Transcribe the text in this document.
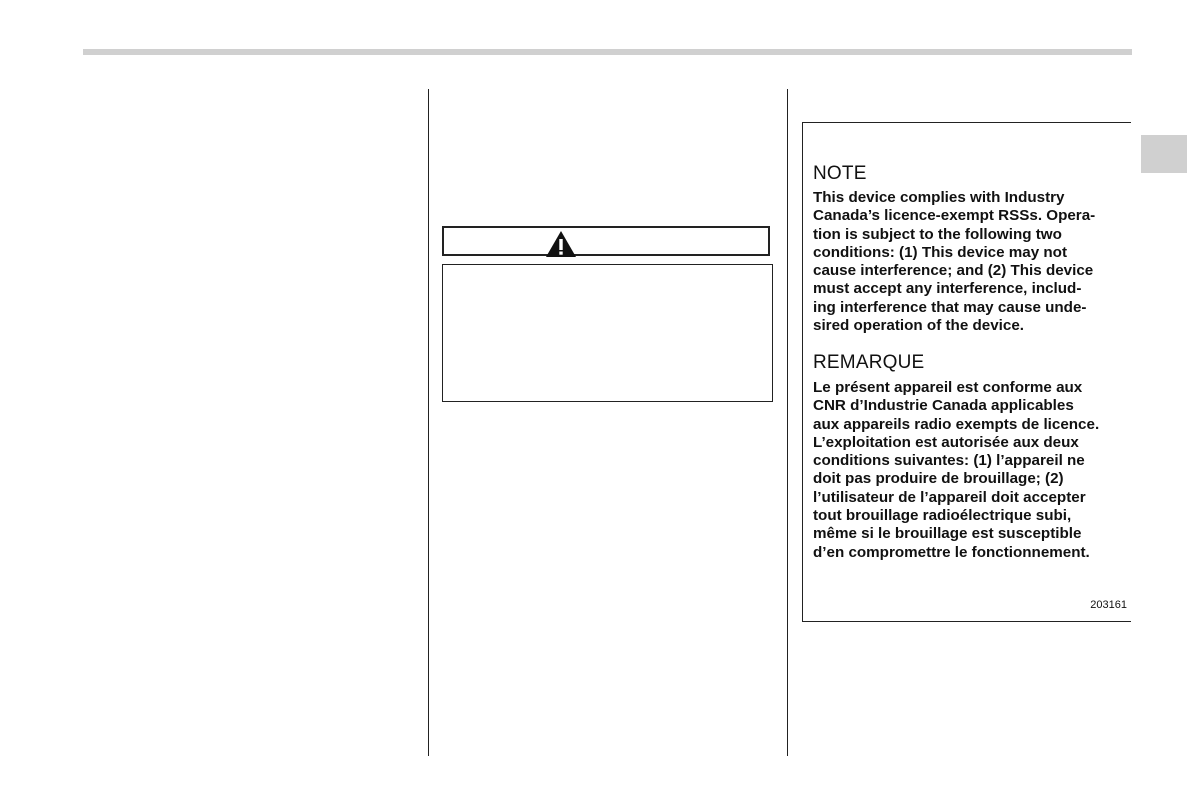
NOTE
This device complies with Industry
Canada’s licence-exempt RSSs. Opera-
tion is subject to the following two
conditions: (1) This device may not
cause interference; and (2) This device
must accept any interference, includ-
ing interference that may cause unde-
sired operation of the device.
REMARQUE
Le présent appareil est conforme aux
CNR d’Industrie Canada applicables
aux appareils radio exempts de licence.
L’exploitation est autorisée aux deux
conditions suivantes: (1) l’appareil ne
doit pas produire de brouillage; (2)
l’utilisateur de l’appareil doit accepter
tout brouillage radioélectrique subi,
même si le brouillage est susceptible
d’en compromettre le fonctionnement.

203161
